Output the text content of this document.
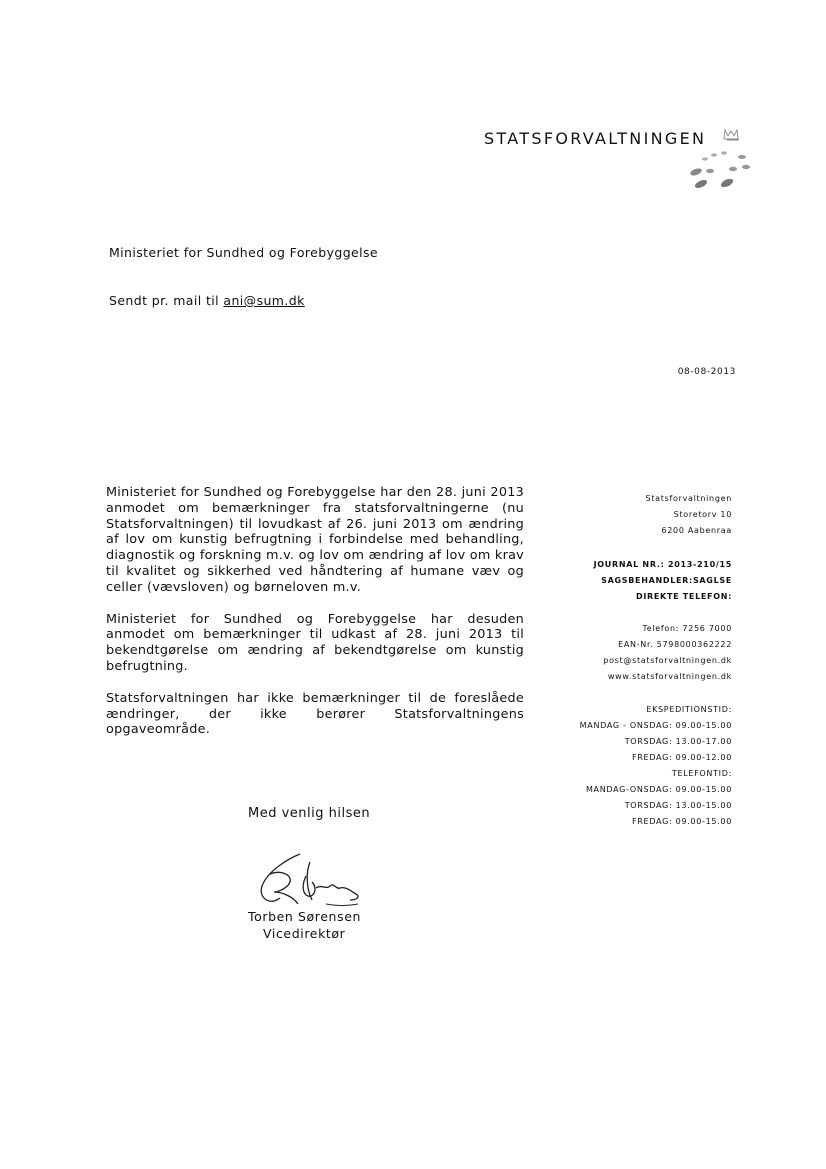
STATSFORVALTNINGEN
Ministeriet for Sundhed og Forebyggelse
Sendt pr. mail til ani@sum.dk
08-08-2013

Ministeriet for Sundhed og Forebyggelse har den 28. juni 2013 anmodet om bemærkninger fra statsforvaltningerne (nu Statsforvaltningen) til lovudkast af 26. juni 2013 om ændring af lov om kunstig befrugtning i forbindelse med behandling, diagnostik og forskning m.v. og lov om ændring af lov om krav til kvalitet og sikkerhed ved håndtering af humane væv og celler (vævsloven) og børneloven m.v.

Ministeriet for Sundhed og Forebyggelse har desuden anmodet om bemærkninger til udkast af 28. juni 2013 til bekendtgørelse om ændring af bekendtgørelse om kunstig befrugtning.

Statsforvaltningen har ikke bemærkninger til de foreslåede ændringer, der ikke berører Statsforvaltningens opgaveområde.

Med venlig hilsen
Torben Sørensen
Vicedirektør
Statsforvaltningen
Storetorv 10
6200 Aabenraa
JOURNAL NR.: 2013-210/15
SAGSBEHANDLER:SAGLSE
DIREKTE TELEFON:
Telefon: 7256 7000
EAN-Nr. 5798000362222
post@statsforvaltningen.dk
www.statsforvaltningen.dk
EKSPEDITIONSTID:
MANDAG - ONSDAG: 09.00-15.00
TORSDAG: 13.00-17.00
FREDAG: 09.00-12.00
TELEFONTID:
MANDAG-ONSDAG: 09.00-15.00
TORSDAG: 13.00-15.00
FREDAG: 09.00-15.00
